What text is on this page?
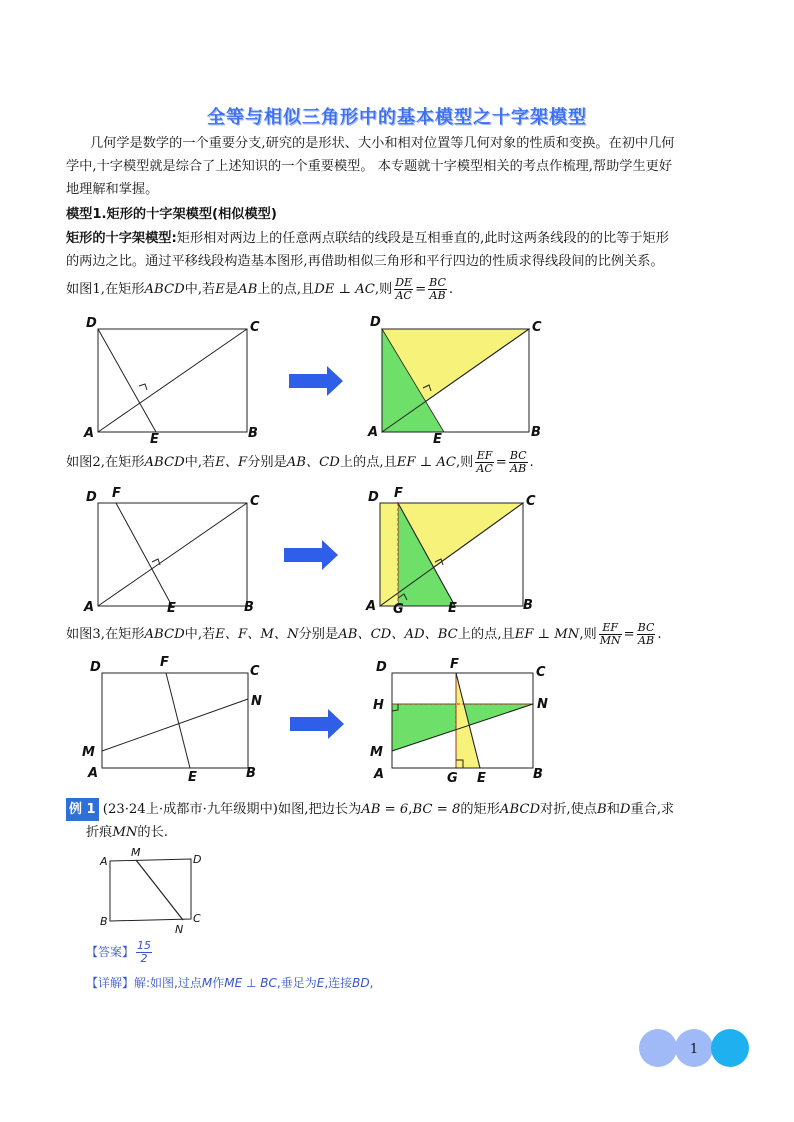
全等与相似三角形中的基本模型之十字架模型
几何学是数学的一个重要分支,研究的是形状、大小和相对位置等几何对象的性质和变换。在初中几何
学中,十字模型就是综合了上述知识的一个重要模型。 本专题就十字模型相关的考点作梳理,帮助学生更好
地理解和掌握。
模型1.矩形的十字架模型(相似模型)
矩形的十字架模型:矩形相对两边上的任意两点联结的线段是互相垂直的,此时这两条线段的的比等于矩形
的两边之比。通过平移线段构造基本图形,再借助相似三角形和平行四边的性质求得线段间的比例关系。
如图1,在矩形ABCD中,若E是AB上的点,且DE ⊥ AC,则 $\frac{DE}{AC} = \frac{BC}{AB}$ .
D	C
A	B
E
D	C
A	B
E
如图2,在矩形ABCD中,若E、F分别是AB、CD上的点,且EF ⊥ AC,则 $\frac{EF}{AC} = \frac{BC}{AB}$ .
D F
C
A	B
E
D F
C
A	B
G	E
如图3,在矩形ABCD中,若E、F、M、N分别是AB、CD、AD、BC上的点,且EF ⊥ MN,则 $\frac{EF}{MN} = \frac{BC}{AB}$ .
D	F
C
N
M
A	B
E
D	F
C
H	N
M
A	B
G E
例 1 (23·24上·成都市·九年级期中)如图,把边长为AB = 6,BC = 8的矩形ABCD对折,使点B和D重合,求
折痕MN的长.
A
M
D
B
N
C
【答案】 $\frac{15}{2}$
【详解】解:如图,过点M作ME ⊥ BC,垂足为E,连接BD,
1
